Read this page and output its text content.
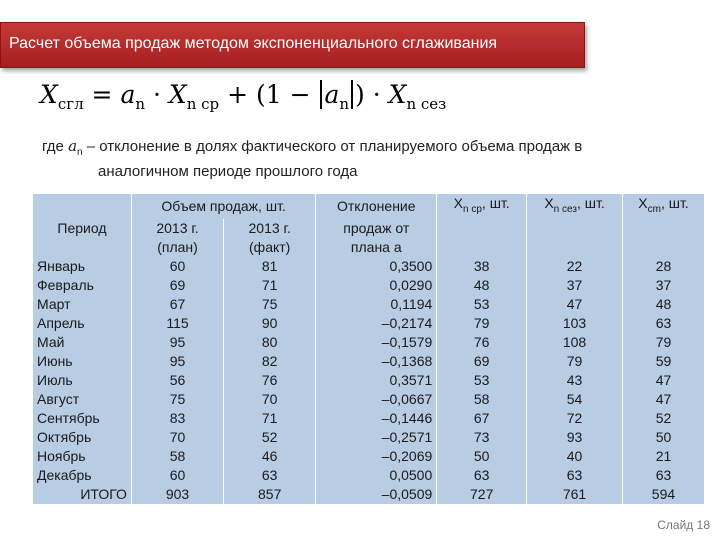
Расчет объема продаж методом экспоненциального сглаживания
$X_{сгл} = a_n \cdot X_{n ср} + (1 - a_n$ ) · $X_{n сез}$
где $a_n$ – отклонение в долях фактического от планируемого объема продаж в
аналогичном периоде прошлого года
	Объем продаж, шт.		Отклонение	$X_{n ср}$, шт.	$X_{n сез}$, шт.	$X_{cm}$, шт.
Период	2013 г.	2013 г.	продаж от			
	(план)	(факт)	плана a			
Январь	60	81	0,3500	38	22	28
Февраль	69	71	0,0290	48	37	37
Март	67	75	0,1194	53	47	48
Апрель	115	90	–0,2174	79	103	63
Май	95	80	–0,1579	76	108	79
Июнь	95	82	–0,1368	69	79	59
Июль	56	76	0,3571	53	43	47
Август	75	70	–0,0667	58	54	47
Сентябрь	83	71	–0,1446	67	72	52
Октябрь	70	52	–0,2571	73	93	50
Ноябрь	58	46	–0,2069	50	40	21
Декабрь	60	63	0,0500	63	63	63
ИТОГО	903	857	–0,0509	727	761	594
Слайд 18
